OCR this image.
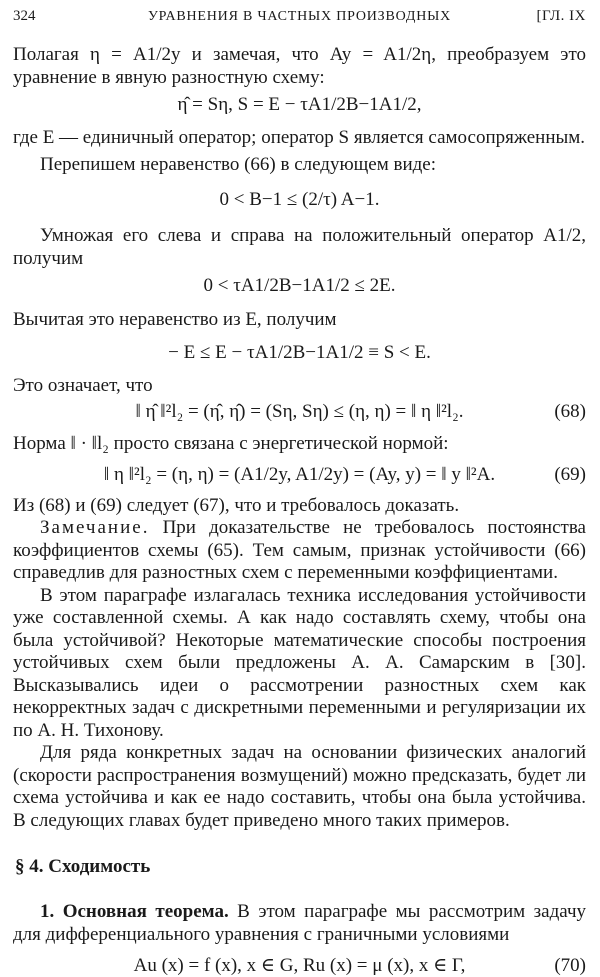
324	УРАВНЕНИЯ В ЧАСТНЫХ ПРОИЗВОДНЫХ	[ГЛ. IX

Полагая η = A1/2y и замечая, что Ay = A1/2η, преобразуем это уравнение в явную разностную схему:

η̂ = Sη, S = E − τA1/2B−1A1/2,

где E — единичный оператор; оператор S является самосопряженным.

Перепишем неравенство (66) в следующем виде:

0 < B−1 ≤ (2/τ) A−1.

Умножая его слева и справа на положительный оператор A1/2, получим

0 < τA1/2B−1A1/2 ≤ 2E.

Вычитая это неравенство из E, получим

− E ≤ E − τA1/2B−1A1/2 ≡ S < E.

Это означает, что

‖ η̂ ‖²l₂ = (η̂, η̂) = (Sη, Sη) ≤ (η, η) = ‖ η ‖²l₂.	(68)

Норма ‖ · ‖l₂ просто связана с энергетической нормой:

‖ η ‖²l₂ = (η, η) = (A1/2y, A1/2y) = (Ay, y) = ‖ y ‖²A.	(69)

Из (68) и (69) следует (67), что и требовалось доказать.

Замечание. При доказательстве не требовалось постоянства коэффициентов схемы (65). Тем самым, признак устойчивости (66) справедлив для разностных схем с переменными коэффициентами.

В этом параграфе излагалась техника исследования устойчивости уже составленной схемы. А как надо составлять схему, чтобы она была устойчивой? Некоторые математические способы построения устойчивых схем были предложены А. А. Самарским в [30]. Высказывались идеи о рассмотрении разностных схем как некорректных задач с дискретными переменными и регуляризации их по А. Н. Тихонову.

Для ряда конкретных задач на основании физических аналогий (скорости распространения возмущений) можно предсказать, будет ли схема устойчива и как ее надо составить, чтобы она была устойчива. В следующих главах будет приведено много таких примеров.

§ 4. Сходимость

1. Основная теорема. В этом параграфе мы рассмотрим задачу для дифференциального уравнения с граничными условиями

Au (x) = f (x), x ∈ G, Ru (x) = μ (x), x ∈ Γ,	(70)
